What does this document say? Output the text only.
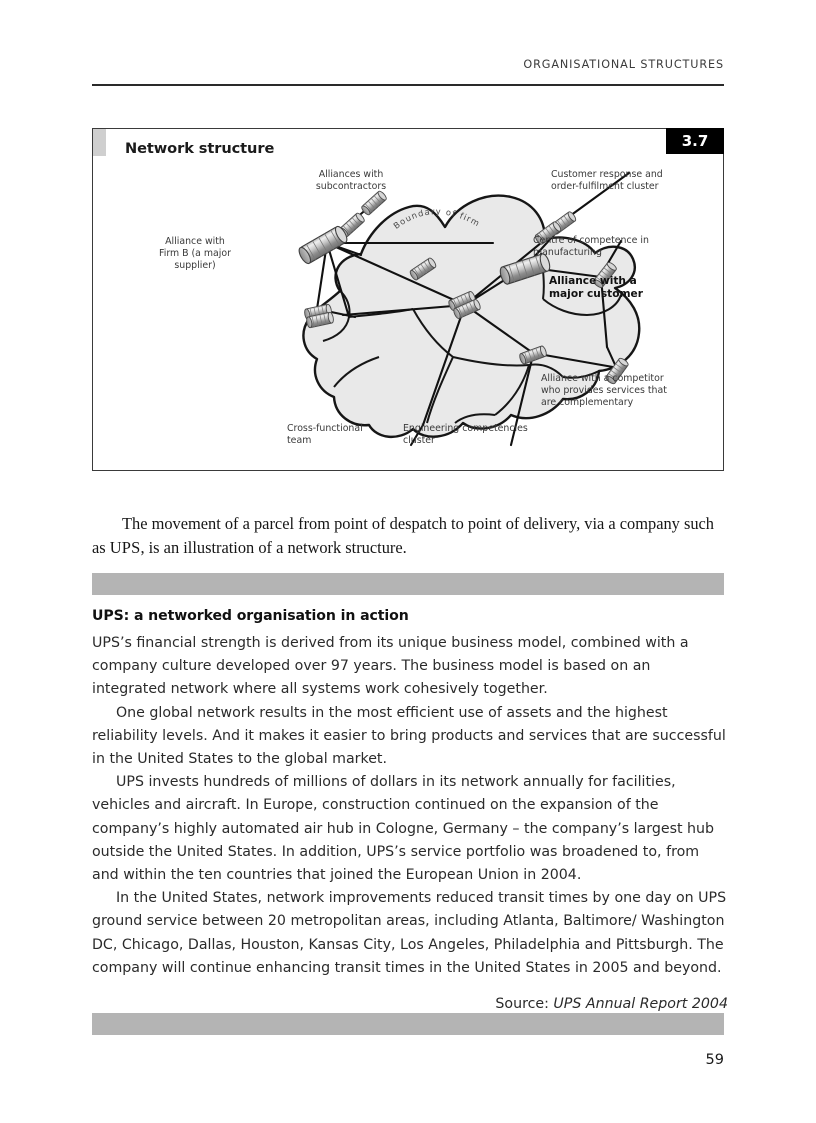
ORGANISATIONAL STRUCTURES
Network structure	3.7
Boundary of firm
Alliances with
subcontractors
Alliance with
Firm B (a major
supplier)
Customer response and
order-fulfilment cluster
Centre of competence in
manufacturing
Alliance with a
major customer
Alliance with a competitor
who provides services that
are complementary
Cross-functional
team
Engineering competencies
cluster

The movement of a parcel from point of despatch to point of delivery, via a company such as UPS, is an illustration of a network structure.

UPS: a networked organisation in action

UPS’s financial strength is derived from its unique business model, combined with a company culture developed over 97 years. The business model is based on an integrated network where all systems work cohesively together.

One global network results in the most efficient use of assets and the highest reliability levels. And it makes it easier to bring products and services that are successful in the United States to the global market.

UPS invests hundreds of millions of dollars in its network annually for facilities, vehicles and aircraft. In Europe, construction continued on the expansion of the company’s highly automated air hub in Cologne, Germany – the company’s largest hub outside the United States. In addition, UPS’s service portfolio was broadened to, from and within the ten countries that joined the European Union in 2004.

In the United States, network improvements reduced transit times by one day on UPS ground service between 20 metropolitan areas, including Atlanta, Baltimore/ Washington DC, Chicago, Dallas, Houston, Kansas City, Los Angeles, Philadelphia and Pittsburgh. The company will continue enhancing transit times in the United States in 2005 and beyond.

Source: UPS Annual Report 2004
59
